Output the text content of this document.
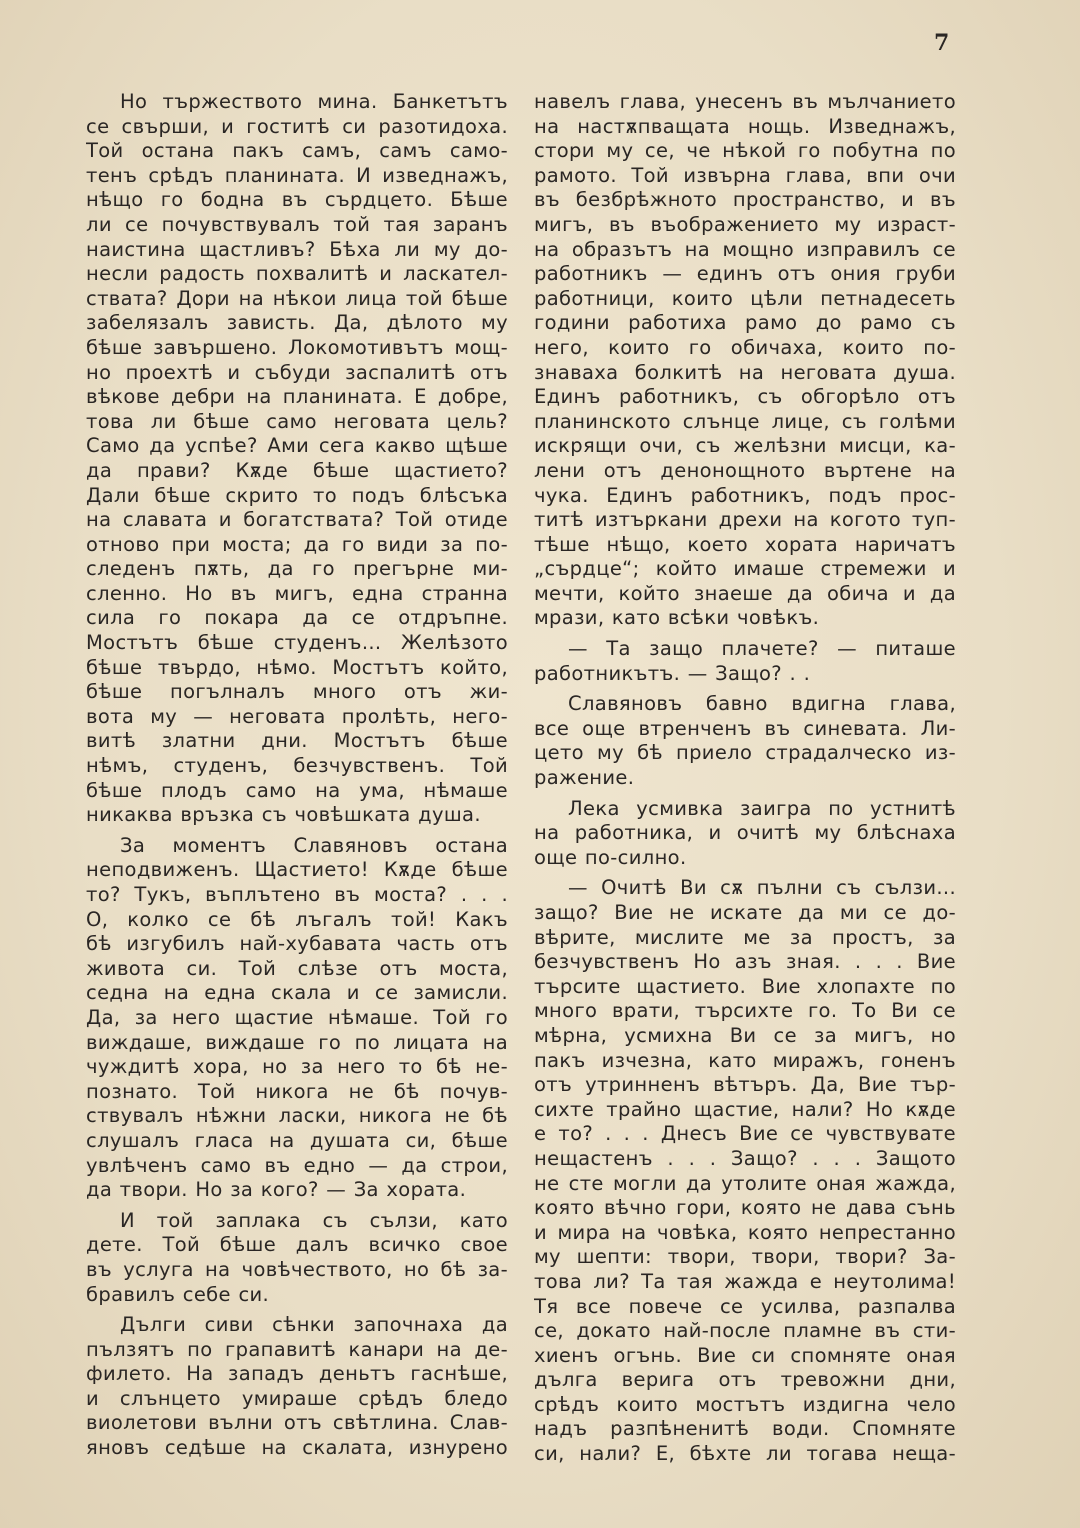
7
Но тържеството мина. Банкетътъ
се свърши, и гоститѣ си разотидоха.
Той остана пакъ самъ, самъ само-
тенъ срѣдъ планината. И изведнажъ,
нѣщо го бодна въ сърдцето. Бѣше
ли се почувствувалъ той тая заранъ
наистина щастливъ? Бѣха ли му до-
несли радость похвалитѣ и ласкател-
ствата? Дори на нѣкои лица той бѣше
забелязалъ зависть. Да, дѣлото му
бѣше завършено. Локомотивътъ мощ-
но проехтѣ и събуди заспалитѣ отъ
вѣкове дебри на планината. Е добре,
това ли бѣше само неговата цель?
Само да успѣе? Ами сега какво щѣше
да прави? Кѫде бѣше щастието?
Дали бѣше скрито то подъ блѣсъка
на славата и богатствата? Той отиде
отново при моста; да го види за по-
следенъ пѫть, да го прегърне ми-
сленно. Но въ мигъ, една странна
сила го покара да се отдръпне.
Мостътъ бѣше студенъ... Желѣзото
бѣше твърдо, нѣмо. Мостътъ който,
бѣше погълналъ много отъ жи-
вота му — неговата пролѣть, него-
витѣ златни дни. Мостътъ бѣше
нѣмъ, студенъ, безчувственъ. Той
бѣше плодъ само на ума, нѣмаше
никаква връзка съ човѣшката душа.
За моментъ Славяновъ остана
неподвиженъ. Щастието! Кѫде бѣше
то? Тукъ, въплътено въ моста? . . .
О, колко се бѣ лъгалъ той! Какъ
бѣ изгубилъ най-хубавата часть отъ
живота си. Той слѣзе отъ моста,
седна на една скала и се замисли.
Да, за него щастие нѣмаше. Той го
виждаше, виждаше го по лицата на
чуждитѣ хора, но за него то бѣ не-
познато. Той никога не бѣ почув-
ствувалъ нѣжни ласки, никога не бѣ
слушалъ гласа на душата си, бѣше
увлѣченъ само въ едно — да строи,
да твори. Но за кого? — За хората.
И той заплака съ сълзи, като
дете. Той бѣше далъ всичко свое
въ услуга на човѣчеството, но бѣ за-
бравилъ себе си.
Дълги сиви сѣнки започнаха да
пълзятъ по грапавитѣ канари на де-
филето. На западъ деньтъ гаснѣше,
и слънцето умираше срѣдъ бледо
виолетови вълни отъ свѣтлина. Слав-
яновъ седѣше на скалата, изнурено
навелъ глава, унесенъ въ мълчанието
на настѫпващата нощь. Изведнажъ,
стори му се, че нѣкой го побутна по
рамото. Той извърна глава, впи очи
въ безбрѣжното пространство, и въ
мигъ, въ въображението му израст-
на образътъ на мощно изправилъ се
работникъ — единъ отъ ония груби
работници, които цѣли петнадесеть
години работиха рамо до рамо съ
него, които го обичаха, които по-
знаваха болкитѣ на неговата душа.
Единъ работникъ, съ обгорѣло отъ
планинското слънце лице, съ голѣми
искрящи очи, съ желѣзни мисци, ка-
лени отъ денонощното въртене на
чука. Единъ работникъ, подъ прос-
титѣ изтъркани дрехи на когото туп-
тѣше нѣщо, което хората наричатъ
„сърдце“; който имаше стремежи и
мечти, който знаеше да обича и да
мрази, като всѣки човѣкъ.
— Та защо плачете? — питаше
работникътъ. — Защо? . .
Славяновъ бавно вдигна глава,
все още втренченъ въ синевата. Ли-
цето му бѣ приело страдалческо из-
ражение.
Лека усмивка заигра по устнитѣ
на работника, и очитѣ му блѣснаха
още по-силно.
— Очитѣ Ви сѫ пълни съ сълзи...
защо? Вие не искате да ми се до-
вѣрите, мислите ме за простъ, за
безчувственъ Но азъ зная. . . . Вие
търсите щастието. Вие хлопахте по
много врати, търсихте го. То Ви се
мѣрна, усмихна Ви се за мигъ, но
пакъ изчезна, като миражъ, гоненъ
отъ утринненъ вѣтъръ. Да, Вие тър-
сихте трайно щастие, нали? Но кѫде
е то? . . . Днесъ Вие се чувствувате
нещастенъ . . . Защо? . . . Защото
не сте могли да утолите оная жажда,
която вѣчно гори, която не дава сънь
и мира на човѣка, която непрестанно
му шепти: твори, твори, твори? За-
това ли? Та тая жажда е неутолима!
Тя все повече се усилва, разпалва
се, докато най-после пламне въ сти-
хиенъ огънь. Вие си спомняте оная
дълга верига отъ тревожни дни,
срѣдъ които мостътъ издигна чело
надъ разпѣненитѣ води. Спомняте
си, нали? Е, бѣхте ли тогава неща-
